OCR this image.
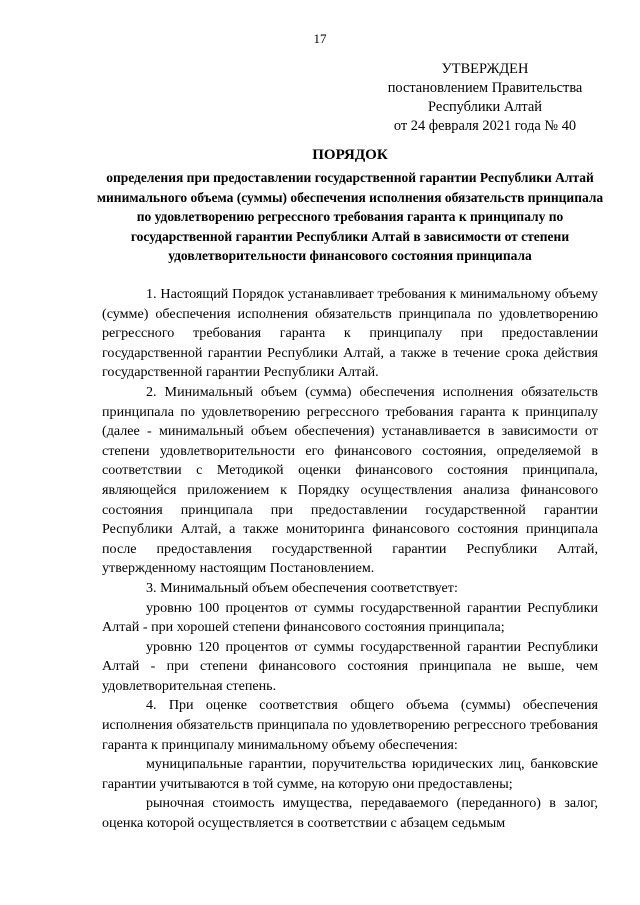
17
УТВЕРЖДЕН
постановлением Правительства
Республики Алтай
от 24 февраля 2021 года № 40
ПОРЯДОК
определения при предоставлении государственной гарантии Республики Алтай минимального объема (суммы) обеспечения исполнения обязательств принципала по удовлетворению регрессного требования гаранта к принципалу по государственной гарантии Республики Алтай в зависимости от степени удовлетворительности финансового состояния принципала

1. Настоящий Порядок устанавливает требования к минимальному объему (сумме) обеспечения исполнения обязательств принципала по удовлетворению регрессного требования гаранта к принципалу при предоставлении государственной гарантии Республики Алтай, а также в течение срока действия государственной гарантии Республики Алтай.

2. Минимальный объем (сумма) обеспечения исполнения обязательств принципала по удовлетворению регрессного требования гаранта к принципалу (далее - минимальный объем обеспечения) устанавливается в зависимости от степени удовлетворительности его финансового состояния, определяемой в соответствии с Методикой оценки финансового состояния принципала, являющейся приложением к Порядку осуществления анализа финансового состояния принципала при предоставлении государственной гарантии Республики Алтай, а также мониторинга финансового состояния принципала после предоставления государственной гарантии Республики Алтай, утвержденному настоящим Постановлением.

3. Минимальный объем обеспечения соответствует:

уровню 100 процентов от суммы государственной гарантии Республики Алтай - при хорошей степени финансового состояния принципала;

уровню 120 процентов от суммы государственной гарантии Республики Алтай - при степени финансового состояния принципала не выше, чем удовлетворительная степень.

4. При оценке соответствия общего объема (суммы) обеспечения исполнения обязательств принципала по удовлетворению регрессного требования гаранта к принципалу минимальному объему обеспечения:

муниципальные гарантии, поручительства юридических лиц, банковские гарантии учитываются в той сумме, на которую они предоставлены;

рыночная стоимость имущества, передаваемого (переданного) в залог, оценка которой осуществляется в соответствии с абзацем седьмым
